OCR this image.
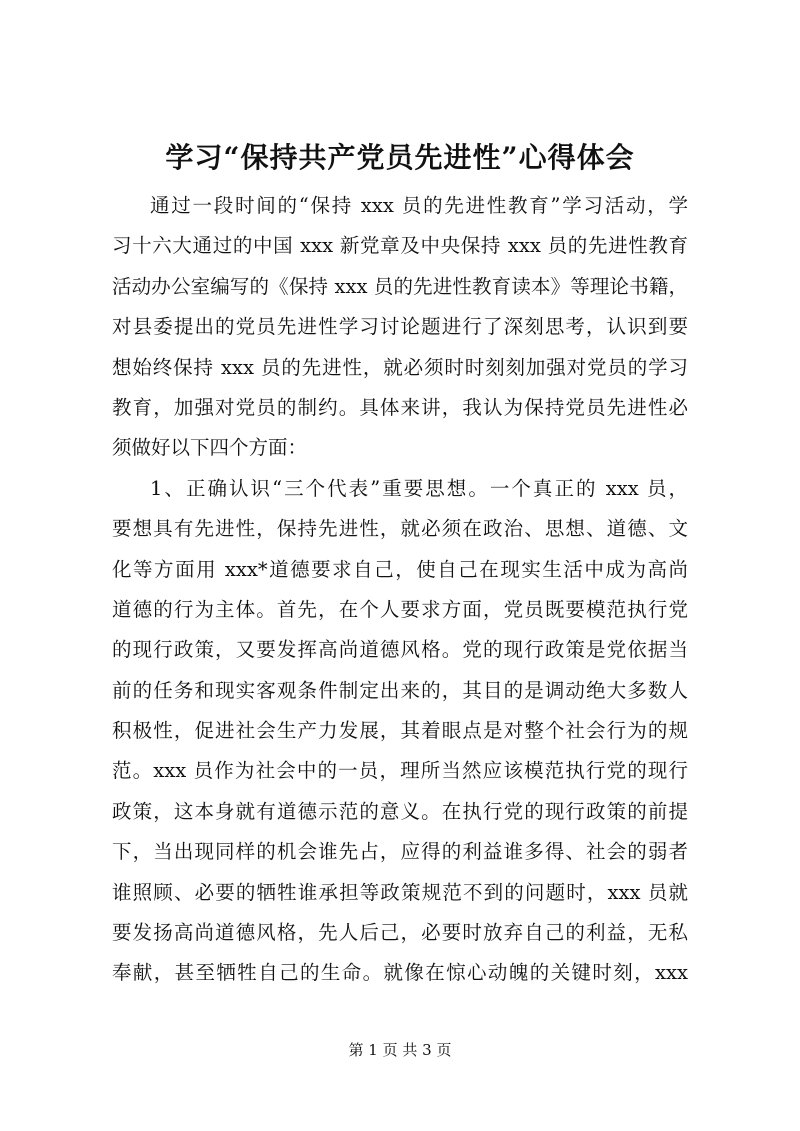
学习“保持共产党员先进性”心得体会
通过一段时间的“保持 xxx 员的先进性教育”学习活动，学
习十六大通过的中国 xxx 新党章及中央保持 xxx 员的先进性教育
活动办公室编写的《保持 xxx 员的先进性教育读本》等理论书籍，
对县委提出的党员先进性学习讨论题进行了深刻思考，认识到要
想始终保持 xxx 员的先进性，就必须时时刻刻加强对党员的学习
教育，加强对党员的制约。具体来讲，我认为保持党员先进性必
须做好以下四个方面：
1、正确认识“三个代表”重要思想。一个真正的 xxx 员，
要想具有先进性，保持先进性，就必须在政治、思想、道德、文
化等方面用 xxx*道德要求自己，使自己在现实生活中成为高尚
道德的行为主体。首先，在个人要求方面，党员既要模范执行党
的现行政策，又要发挥高尚道德风格。党的现行政策是党依据当
前的任务和现实客观条件制定出来的，其目的是调动绝大多数人
积极性，促进社会生产力发展，其着眼点是对整个社会行为的规
范。xxx 员作为社会中的一员，理所当然应该模范执行党的现行
政策，这本身就有道德示范的意义。在执行党的现行政策的前提
下，当出现同样的机会谁先占，应得的利益谁多得、社会的弱者
谁照顾、必要的牺牲谁承担等政策规范不到的问题时，xxx 员就
要发扬高尚道德风格，先人后己，必要时放弃自己的利益，无私
奉献，甚至牺牲自己的生命。就像在惊心动魄的关键时刻，xxx
第 1 页 共 3 页
